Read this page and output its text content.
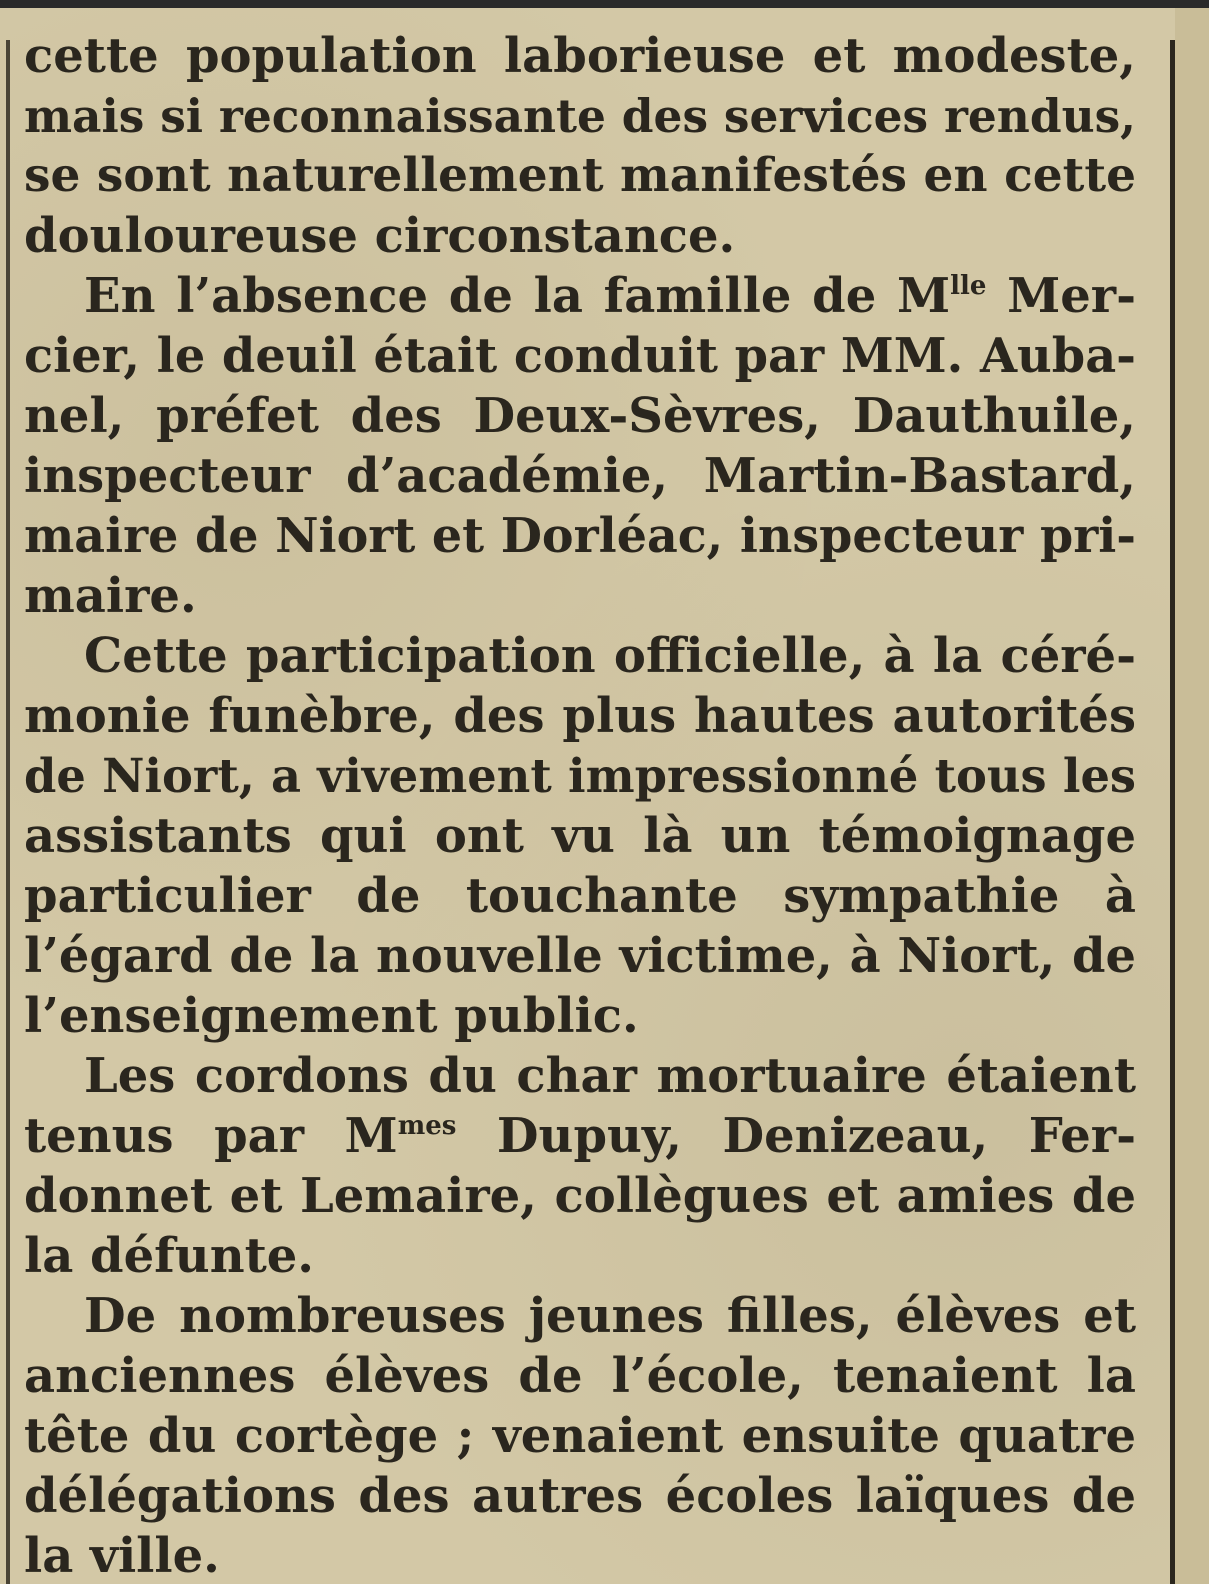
cette population laborieuse et modeste,
mais si reconnaissante des services rendus,
se sont naturellement manifestés en cette
douloureuse circonstance.
En l’absence de la famille de $M^{lle}$ Mer-
cier, le deuil était conduit par MM. Auba-
nel, préfet des Deux-Sèvres, Dauthuile,
inspecteur d’académie, Martin-Bastard,
maire de Niort et Dorléac, inspecteur pri-
maire.
Cette participation officielle, à la céré-
monie funèbre, des plus hautes autorités
de Niort, a vivement impressionné tous les
assistants qui ont vu là un témoignage
particulier de touchante sympathie à
l’égard de la nouvelle victime, à Niort, de
l’enseignement public.
Les cordons du char mortuaire étaient
tenus par $M^{mes}$ Dupuy, Denizeau, Fer-
donnet et Lemaire, collègues et amies de
la défunte.
De nombreuses jeunes filles, élèves et
anciennes élèves de l’école, tenaient la
tête du cortège ; venaient ensuite quatre
délégations des autres écoles laïques de
la ville.
